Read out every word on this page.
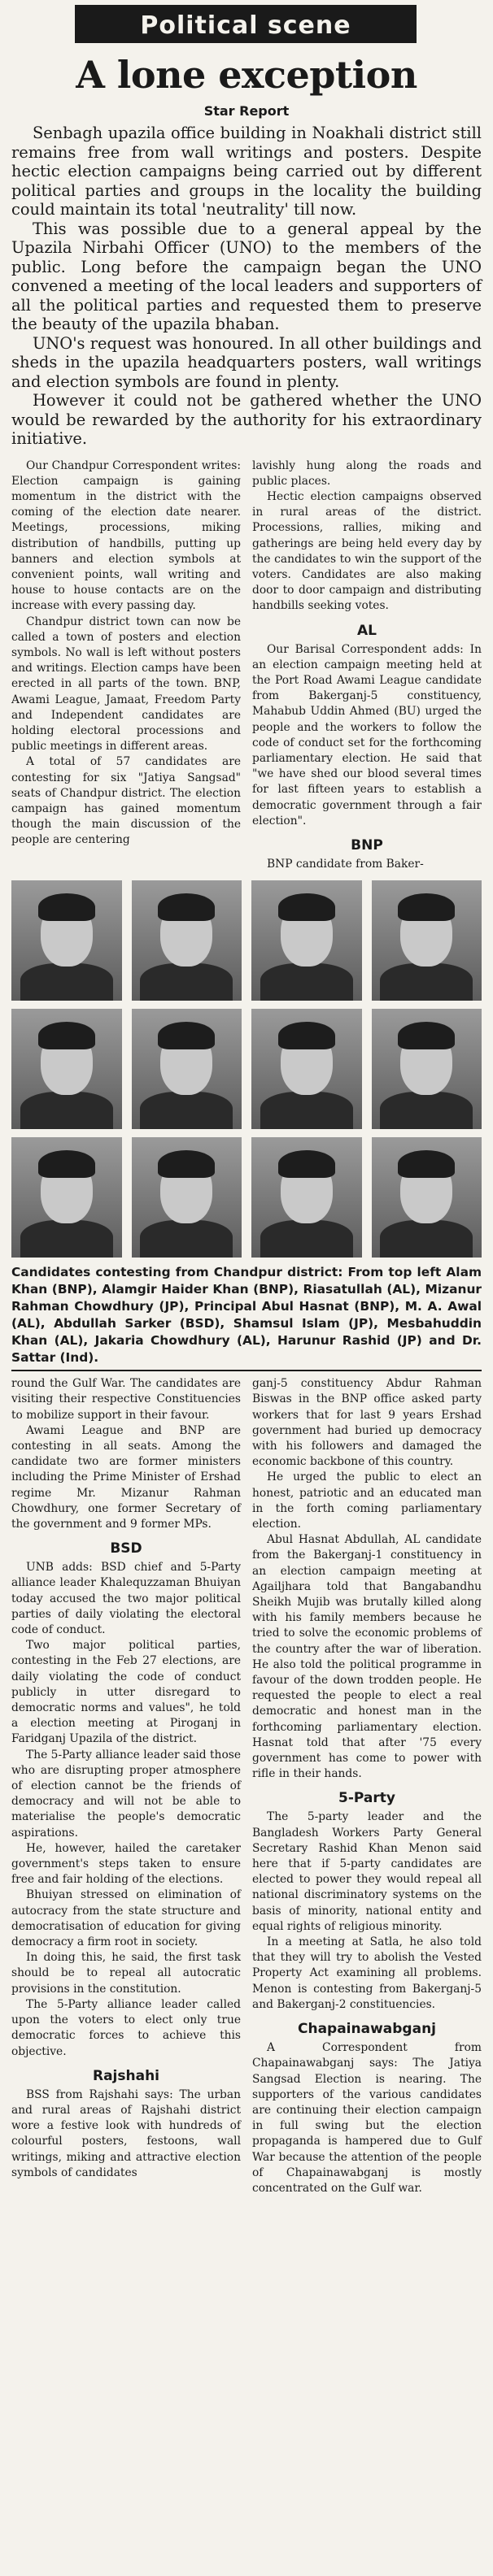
Political scene
A lone exception
Star Report

Senbagh upazila office building in Noakhali district still remains free from wall writings and posters. Despite hectic election campaigns being carried out by different political parties and groups in the locality the building could maintain its total 'neutrality' till now.

This was possible due to a general appeal by the Upazila Nirbahi Officer (UNO) to the members of the public. Long before the campaign began the UNO convened a meeting of the local leaders and supporters of all the political parties and requested them to preserve the beauty of the upazila bhaban.

UNO's request was honoured. In all other buildings and sheds in the upazila headquarters posters, wall writings and election symbols are found in plenty.

However it could not be gathered whether the UNO would be rewarded by the authority for his extraordinary initiative.

Our Chandpur Correspondent writes: Election campaign is gaining momentum in the district with the coming of the election date nearer. Meetings, processions, miking distribution of handbills, putting up banners and election symbols at convenient points, wall writing and house to house contacts are on the increase with every passing day.

Chandpur district town can now be called a town of posters and election symbols. No wall is left without posters and writings. Election camps have been erected in all parts of the town. BNP, Awami League, Jamaat, Freedom Party and Independent candidates are holding electoral processions and public meetings in different areas.

A total of 57 candidates are contesting for six "Jatiya Sangsad" seats of Chandpur district. The election campaign has gained momentum though the main discussion of the people are centering

lavishly hung along the roads and public places.

Hectic election campaigns observed in rural areas of the district. Processions, rallies, miking and gatherings are being held every day by the candidates to win the support of the voters. Candidates are also making door to door campaign and distributing handbills seeking votes.

AL

Our Barisal Correspondent adds: In an election campaign meeting held at the Port Road Awami League candidate from Bakerganj-5 constituency, Mahabub Uddin Ahmed (BU) urged the people and the workers to follow the code of conduct set for the forthcoming parliamentary election. He said that "we have shed our blood several times for last fifteen years to establish a democratic government through a fair election".

BNP

BNP candidate from Baker-

Candidates contesting from Chandpur district: From top left Alam Khan (BNP), Alamgir Haider Khan (BNP), Riasatullah (AL), Mizanur Rahman Chowdhury (JP), Principal Abul Hasnat (BNP), M. A. Awal (AL), Abdullah Sarker (BSD), Shamsul Islam (JP), Mesbahuddin Khan (AL), Jakaria Chowdhury (AL), Harunur Rashid (JP) and Dr. Sattar (Ind).

round the Gulf War. The candidates are visiting their respective Constituencies to mobilize support in their favour.

Awami League and BNP are contesting in all seats. Among the candidate two are former ministers including the Prime Minister of Ershad regime Mr. Mizanur Rahman Chowdhury, one former Secretary of the government and 9 former MPs.

BSD

UNB adds: BSD chief and 5-Party alliance leader Khalequzzaman Bhuiyan today accused the two major political parties of daily violating the electoral code of conduct.

Two major political parties, contesting in the Feb 27 elections, are daily violating the code of conduct publicly in utter disregard to democratic norms and values", he told a election meeting at Piroganj in Faridganj Upazila of the district.

The 5-Party alliance leader said those who are disrupting proper atmosphere of election cannot be the friends of democracy and will not be able to materialise the people's democratic aspirations.

He, however, hailed the caretaker government's steps taken to ensure free and fair holding of the elections.

Bhuiyan stressed on elimination of autocracy from the state structure and democratisation of education for giving democracy a firm root in society.

In doing this, he said, the first task should be to repeal all autocratic provisions in the constitution.

The 5-Party alliance leader called upon the voters to elect only true democratic forces to achieve this objective.

Rajshahi

BSS from Rajshahi says: The urban and rural areas of Rajshahi district wore a festive look with hundreds of colourful posters, festoons, wall writings, miking and attractive election symbols of candidates

ganj-5 constituency Abdur Rahman Biswas in the BNP office asked party workers that for last 9 years Ershad government had buried up democracy with his followers and damaged the economic backbone of this country.

He urged the public to elect an honest, patriotic and an educated man in the forth coming parliamentary election.

Abul Hasnat Abdullah, AL candidate from the Bakerganj-1 constituency in an election campaign meeting at Agailjhara told that Bangabandhu Sheikh Mujib was brutally killed along with his family members because he tried to solve the economic problems of the country after the war of liberation. He also told the political programme in favour of the down trodden people. He requested the people to elect a real democratic and honest man in the forthcoming parliamentary election. Hasnat told that after '75 every government has come to power with rifle in their hands.

5-Party

The 5-party leader and the Bangladesh Workers Party General Secretary Rashid Khan Menon said here that if 5-party candidates are elected to power they would repeal all national discriminatory systems on the basis of minority, national entity and equal rights of religious minority.

In a meeting at Satla, he also told that they will try to abolish the Vested Property Act examining all problems. Menon is contesting from Bakerganj-5 and Bakerganj-2 constituencies.

Chapainawabganj

A Correspondent from Chapainawabganj says: The Jatiya Sangsad Election is nearing. The supporters of the various candidates are continuing their election campaign in full swing but the election propaganda is hampered due to Gulf War because the attention of the people of Chapainawabganj is mostly concentrated on the Gulf war.
